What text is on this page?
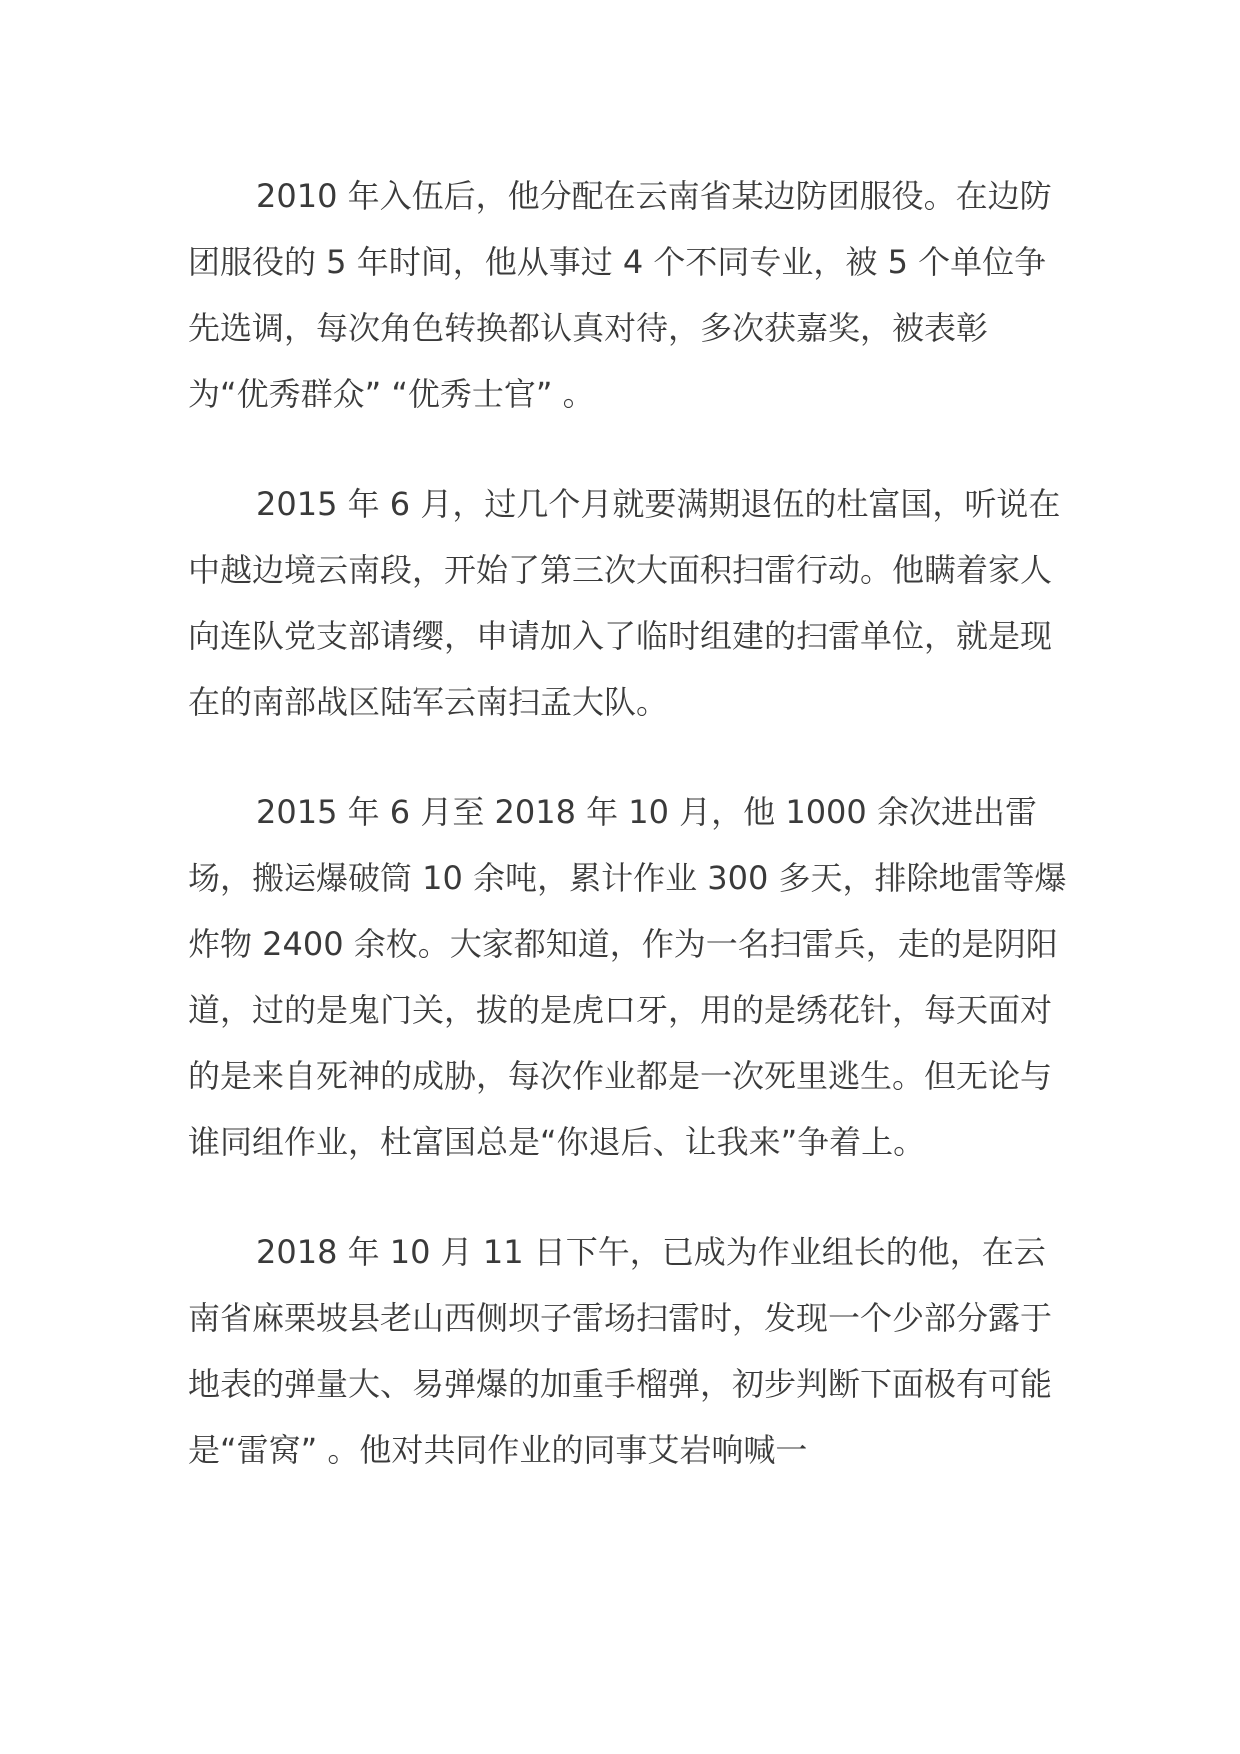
2010 年入伍后，他分配在云南省某边防团服役。在边防团服役的 5 年时间，他从事过 4 个不同专业，被 5 个单位争先选调，每次角色转换都认真对待，多次获嘉奖，被表彰为“优秀群众” “优秀士官” 。

2015 年 6 月，过几个月就要满期退伍的杜富国，听说在中越边境云南段，开始了第三次大面积扫雷行动。他瞒着家人向连队党支部请缨，申请加入了临时组建的扫雷单位，就是现在的南部战区陆军云南扫孟大队。

2015 年 6 月至 2018 年 10 月，他 1000 余次进出雷场，搬运爆破筒 10 余吨，累计作业 300 多天，排除地雷等爆炸物 2400 余枚。大家都知道，作为一名扫雷兵，走的是阴阳道，过的是鬼门关，拔的是虎口牙，用的是绣花针，每天面对的是来自死神的成胁，每次作业都是一次死里逃生。但无论与谁同组作业，杜富国总是“你退后、让我来”争着上。

2018 年 10 月 11 日下午，已成为作业组长的他，在云南省麻栗坡县老山西侧坝子雷场扫雷时，发现一个少部分露于地表的弹量大、易弹爆的加重手榴弹，初步判断下面极有可能是“雷窝” 。他对共同作业的同事艾岩响喊一
